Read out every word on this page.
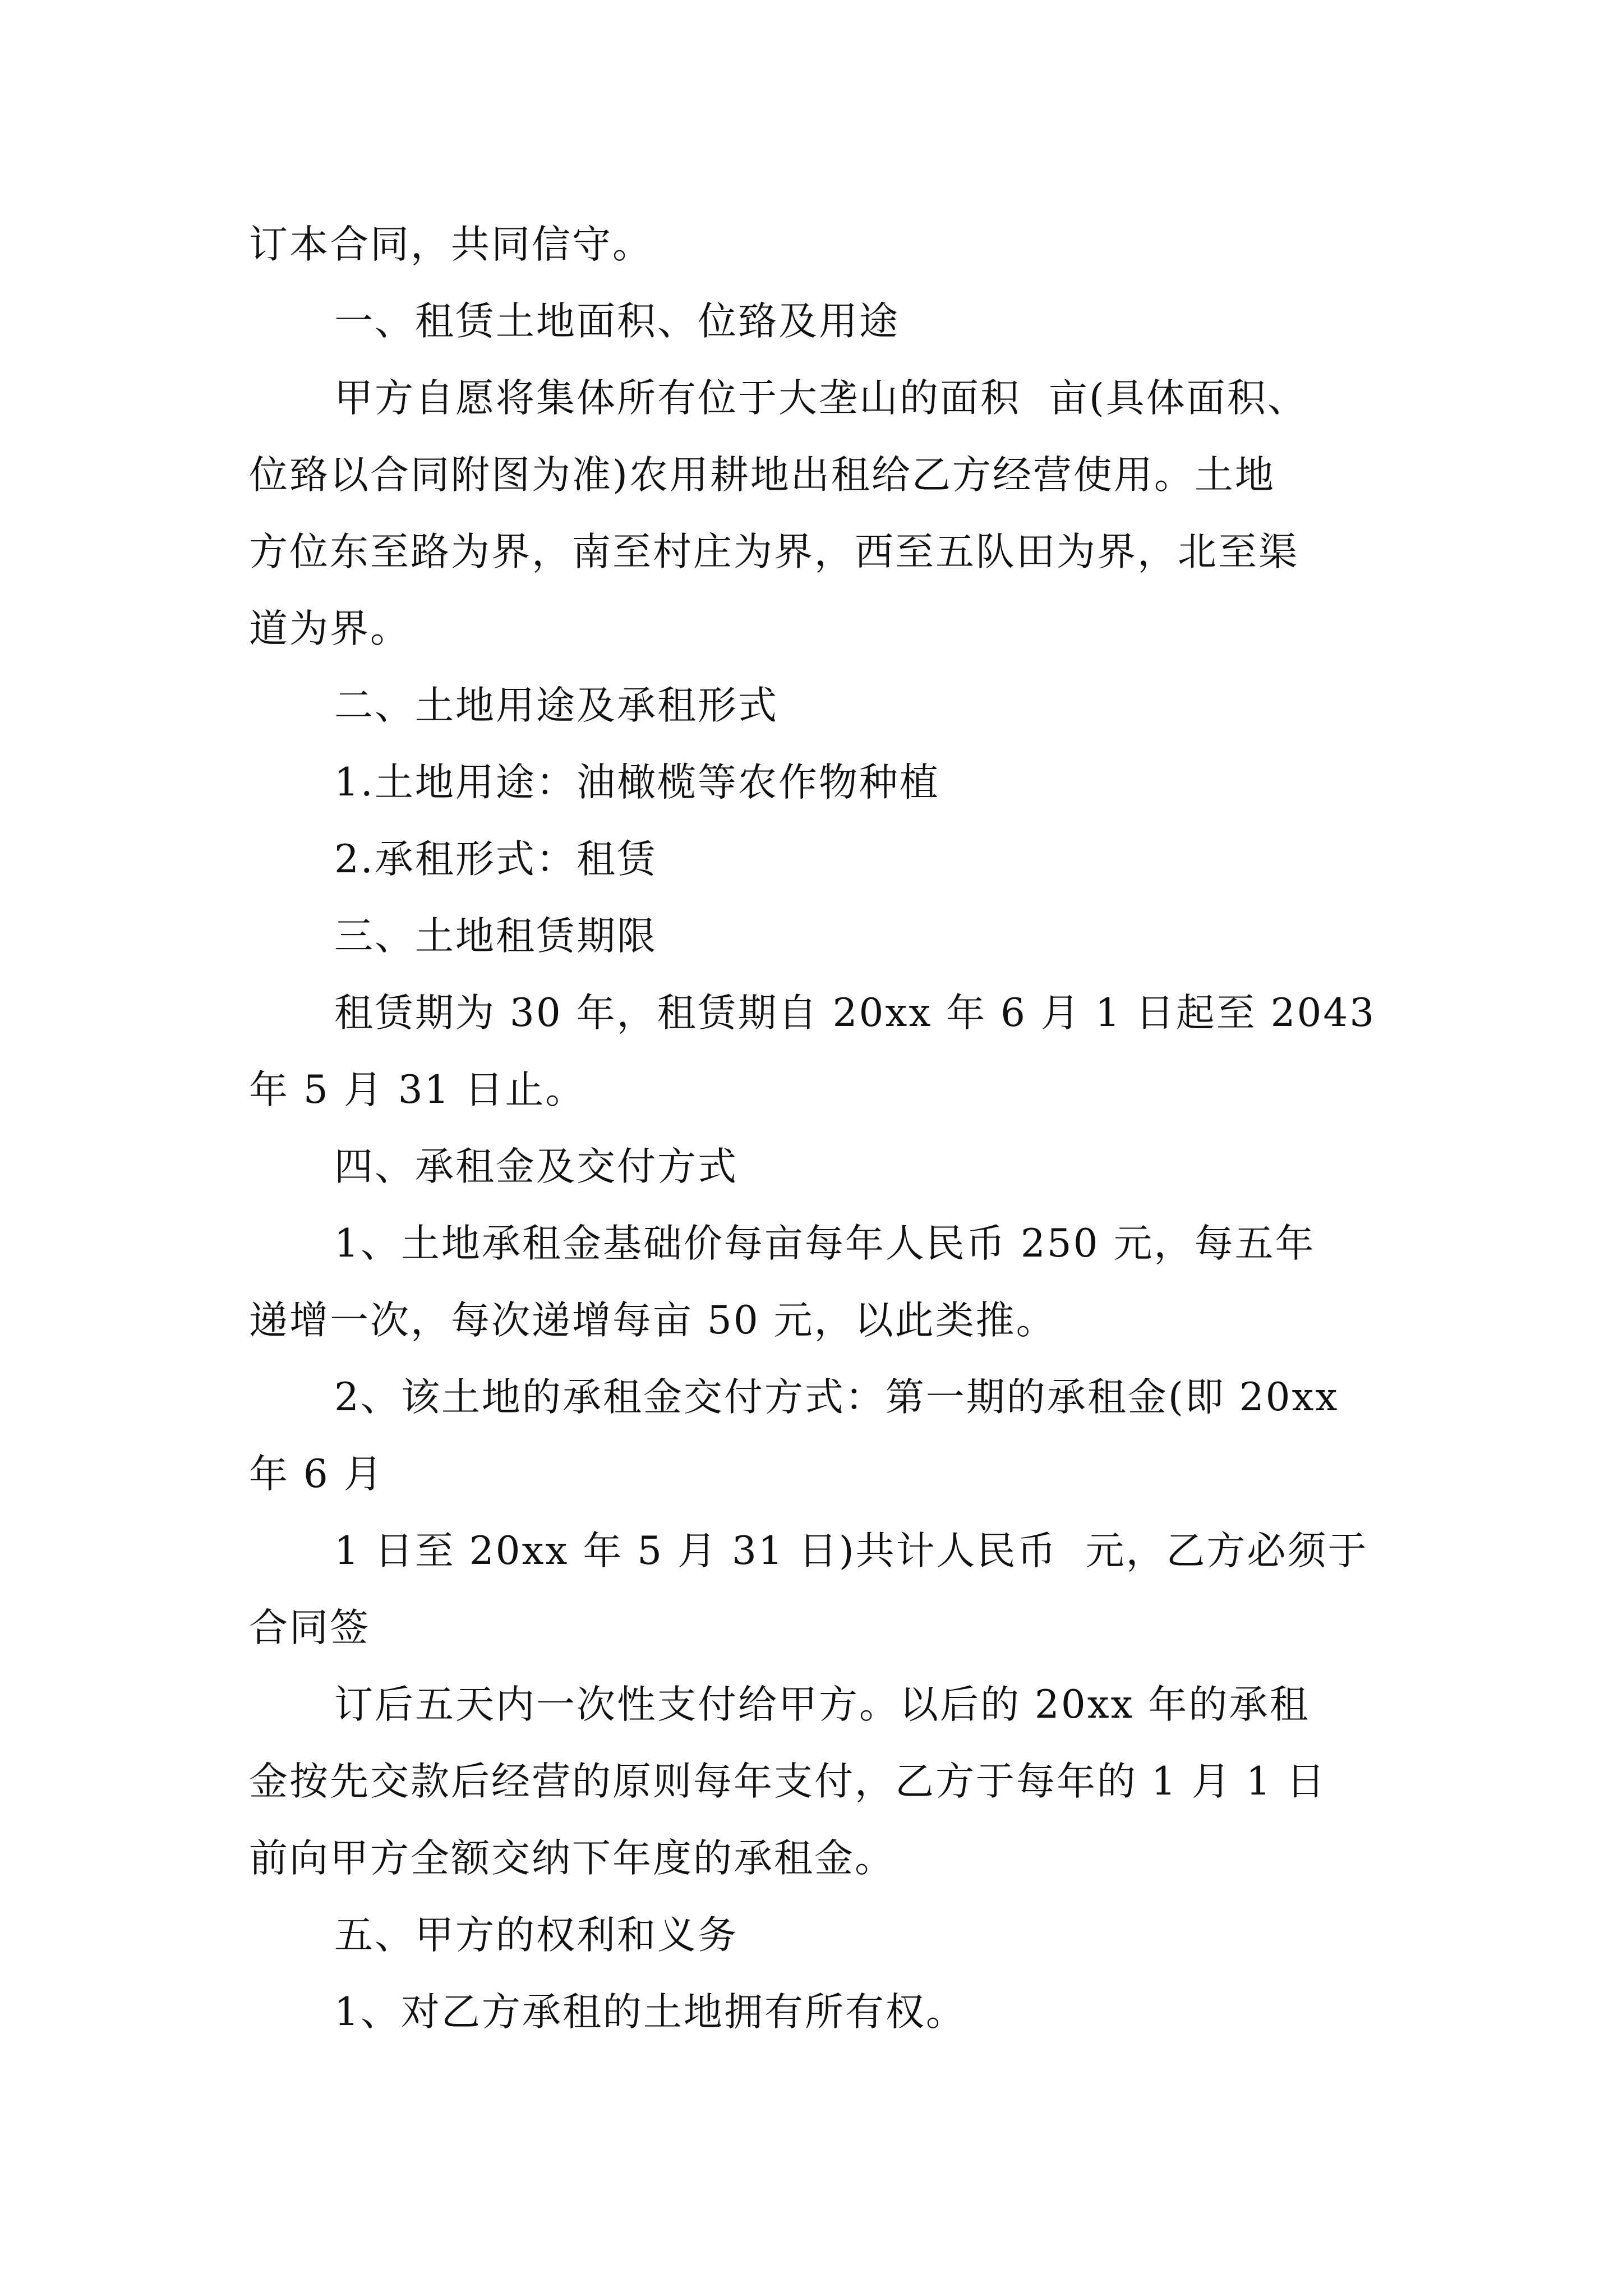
订本合同，共同信守。
一、租赁土地面积、位臵及用途
甲方自愿将集体所有位于大垄山的面积  亩(具体面积、
位臵以合同附图为准)农用耕地出租给乙方经营使用。土地
方位东至路为界，南至村庄为界，西至五队田为界，北至渠
道为界。
二、土地用途及承租形式
1.土地用途：油橄榄等农作物种植
2.承租形式：租赁
三、土地租赁期限
租赁期为 30 年，租赁期自 20xx 年 6 月 1 日起至 2043
年 5 月 31 日止。
四、承租金及交付方式
1、土地承租金基础价每亩每年人民币 250 元，每五年
递增一次，每次递增每亩 50 元，以此类推。
2、该土地的承租金交付方式：第一期的承租金(即 20xx
年 6 月
1 日至 20xx 年 5 月 31 日)共计人民币  元，乙方必须于
合同签
订后五天内一次性支付给甲方。以后的 20xx 年的承租
金按先交款后经营的原则每年支付，乙方于每年的 1 月 1 日
前向甲方全额交纳下年度的承租金。
五、甲方的权利和义务
1、对乙方承租的土地拥有所有权。
